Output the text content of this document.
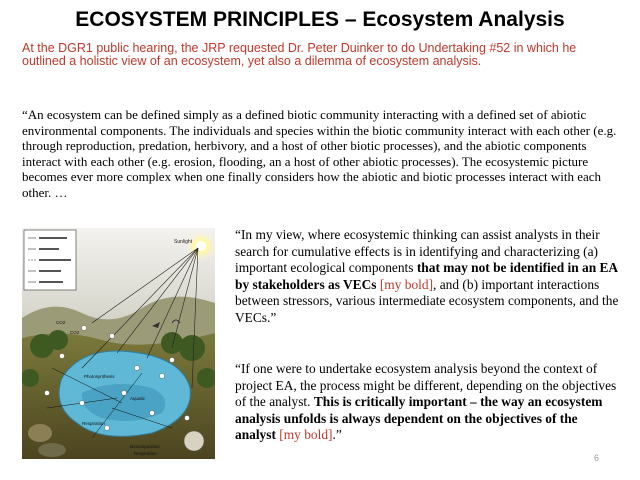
ECOSYSTEM PRINCIPLES – Ecosystem Analysis
At the DGR1 public hearing, the JRP requested Dr. Peter Duinker to do Undertaking #52 in which he outlined a holistic view of an ecosystem, yet also a dilemma of ecosystem analysis.
“An ecosystem can be defined simply as a defined biotic community interacting with a defined set of abiotic environmental components. The individuals and species within the biotic community interact with each other (e.g. through reproduction, predation, herbivory, and a host of other biotic processes), and the abiotic components interact with each other (e.g. erosion, flooding, an a host of other abiotic processes). The ecosystemic picture becomes ever more complex when one finally considers how the abiotic and biotic processes interact with each other. …
Sunlight
CO2
CO2
Photosynthesis
Respiration
Aquatic
Decomposition
Respiration
“In my view, where ecosystemic thinking can assist analysts in their search for cumulative effects is in identifying and characterizing (a) important ecological components that may not be identified in an EA by stakeholders as VECs [my bold], and (b) important interactions between stressors, various intermediate ecosystem components, and the VECs.”
“If one were to undertake ecosystem analysis beyond the context of project EA, the process might be different, depending on the objectives of the analyst. This is critically important – the way an ecosystem analysis unfolds is always dependent on the objectives of the analyst [my bold].”
6
